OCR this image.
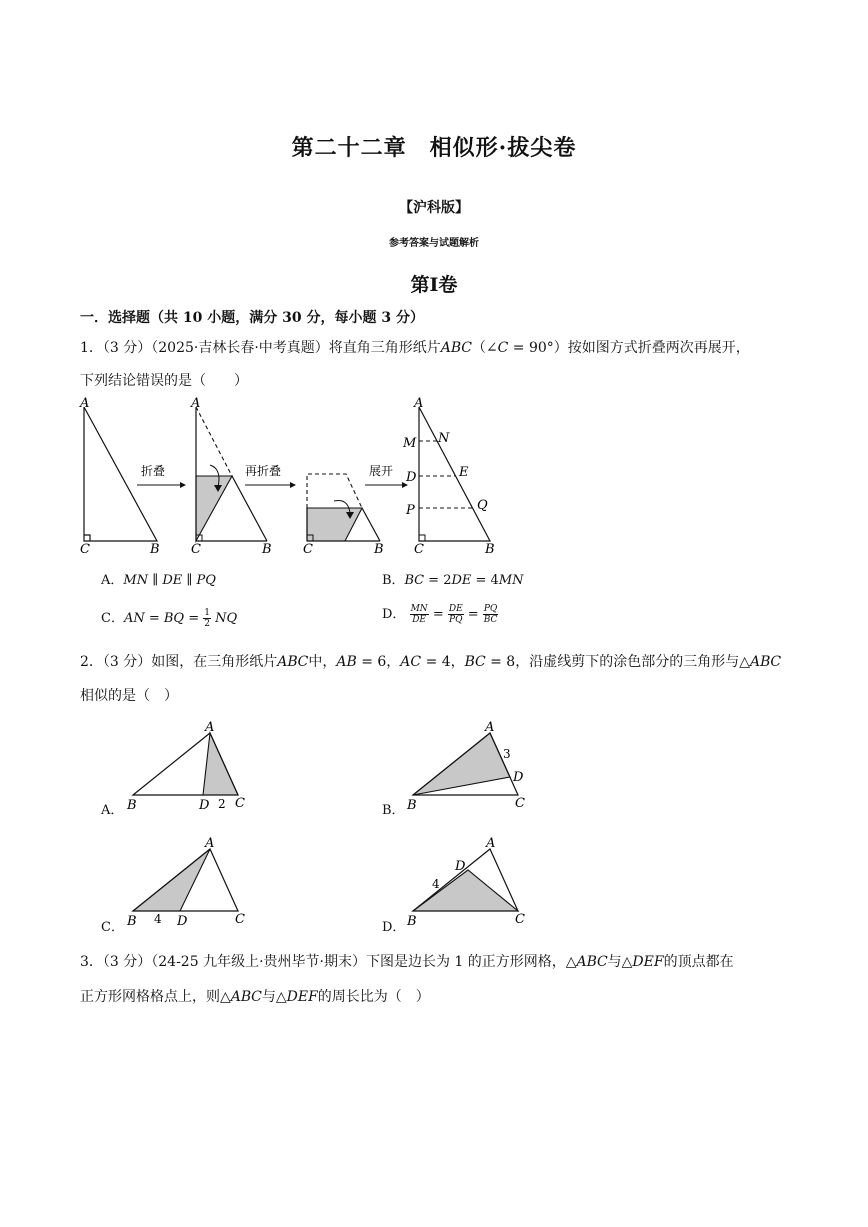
第二十二章　相似形·拔尖卷
【沪科版】
参考答案与试题解析
第Ⅰ卷
一．选择题（共 10 小题，满分 30 分，每小题 3 分）
1．（3 分）（2025·吉林长春·中考真题）将直角三角形纸片𝐴𝐵𝐶（∠𝐶 = 90°）按如图方式折叠两次再展开，
下列结论错误的是（　　）
A
C	B
折叠
A
C	B
再折叠
C	B
展开
A
M N
D	E
P	Q
C	B
A．𝑀𝑁 ∥ 𝐷𝐸 ∥ 𝑃𝑄	B．𝐵𝐶 = 2𝐷𝐸 = 4𝑀𝑁
C．𝐴𝑁 = 𝐵𝑄 = $\frac{1}{2}$ 𝑁𝑄	D． $\frac{MN}{DE} = \frac{DE}{PQ} = \frac{PQ}{BC}$
2．（3 分）如图，在三角形纸片𝐴𝐵𝐶中，𝐴𝐵 = 6，𝐴𝐶 = 4，𝐵𝐶 = 8，沿虚线剪下的涂色部分的三角形与△𝐴𝐵𝐶
相似的是（　）
A
B	D 2 C
A
3
D
B	C
A
B 4 D	C
A
D
4
B	C
A．	B．
C．	D．
3．（3 分）（24-25 九年级上·贵州毕节·期末）下图是边长为 1 的正方形网格，△𝐴𝐵𝐶与△𝐷𝐸𝐹的顶点都在
正方形网格格点上，则△𝐴𝐵𝐶与△𝐷𝐸𝐹的周长比为（　）
